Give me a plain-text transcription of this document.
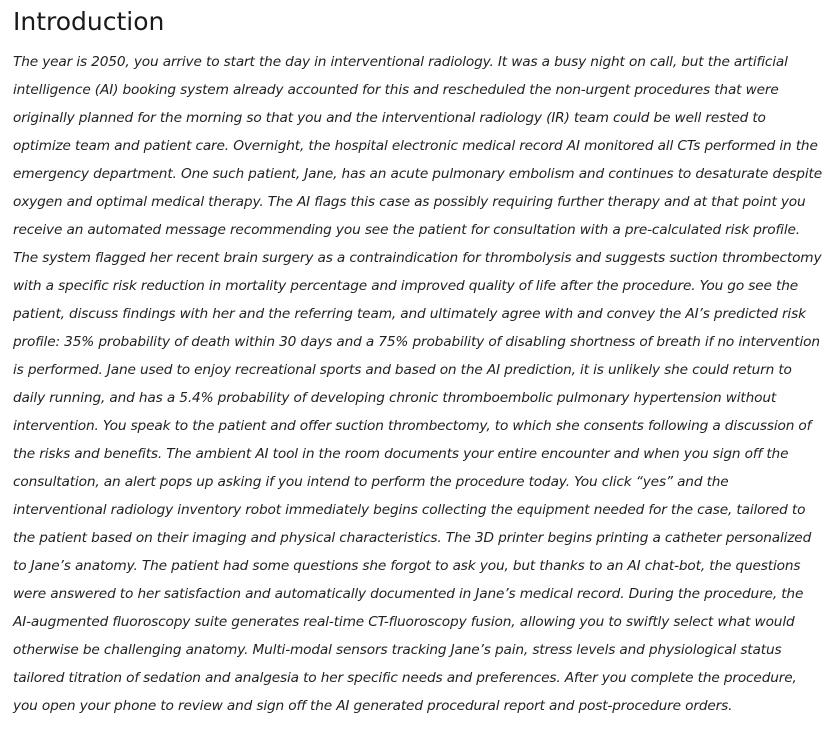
Introduction

The year is 2050, you arrive to start the day in interventional radiology. It was a busy night on call, but the artificial intelligence (AI) booking system already accounted for this and rescheduled the non-urgent procedures that were originally planned for the morning so that you and the interventional radiology (IR) team could be well rested to optimize team and patient care. Overnight, the hospital electronic medical record AI monitored all CTs performed in the emergency department. One such patient, Jane, has an acute pulmonary embolism and continues to desaturate despite oxygen and optimal medical therapy. The AI flags this case as possibly requiring further therapy and at that point you receive an automated message recommending you see the patient for consultation with a pre-calculated risk profile. The system flagged her recent brain surgery as a contraindication for thrombolysis and suggests suction thrombectomy with a specific risk reduction in mortality percentage and improved quality of life after the procedure. You go see the patient, discuss findings with her and the referring team, and ultimately agree with and convey the AI’s predicted risk profile: 35% probability of death within 30 days and a 75% probability of disabling shortness of breath if no intervention is performed. Jane used to enjoy recreational sports and based on the AI prediction, it is unlikely she could return to daily running, and has a 5.4% probability of developing chronic thromboembolic pulmonary hypertension without intervention. You speak to the patient and offer suction thrombectomy, to which she consents following a discussion of the risks and benefits. The ambient AI tool in the room documents your entire encounter and when you sign off the consultation, an alert pops up asking if you intend to perform the procedure today. You click “yes” and the interventional radiology inventory robot immediately begins collecting the equipment needed for the case, tailored to the patient based on their imaging and physical characteristics. The 3D printer begins printing a catheter personalized to Jane’s anatomy. The patient had some questions she forgot to ask you, but thanks to an AI chat-bot, the questions were answered to her satisfaction and automatically documented in Jane’s medical record. During the procedure, the AI-augmented fluoroscopy suite generates real-time CT-fluoroscopy fusion, allowing you to swiftly select what would otherwise be challenging anatomy. Multi-modal sensors tracking Jane’s pain, stress levels and physiological status tailored titration of sedation and analgesia to her specific needs and preferences. After you complete the procedure, you open your phone to review and sign off the AI generated procedural report and post-procedure orders.
